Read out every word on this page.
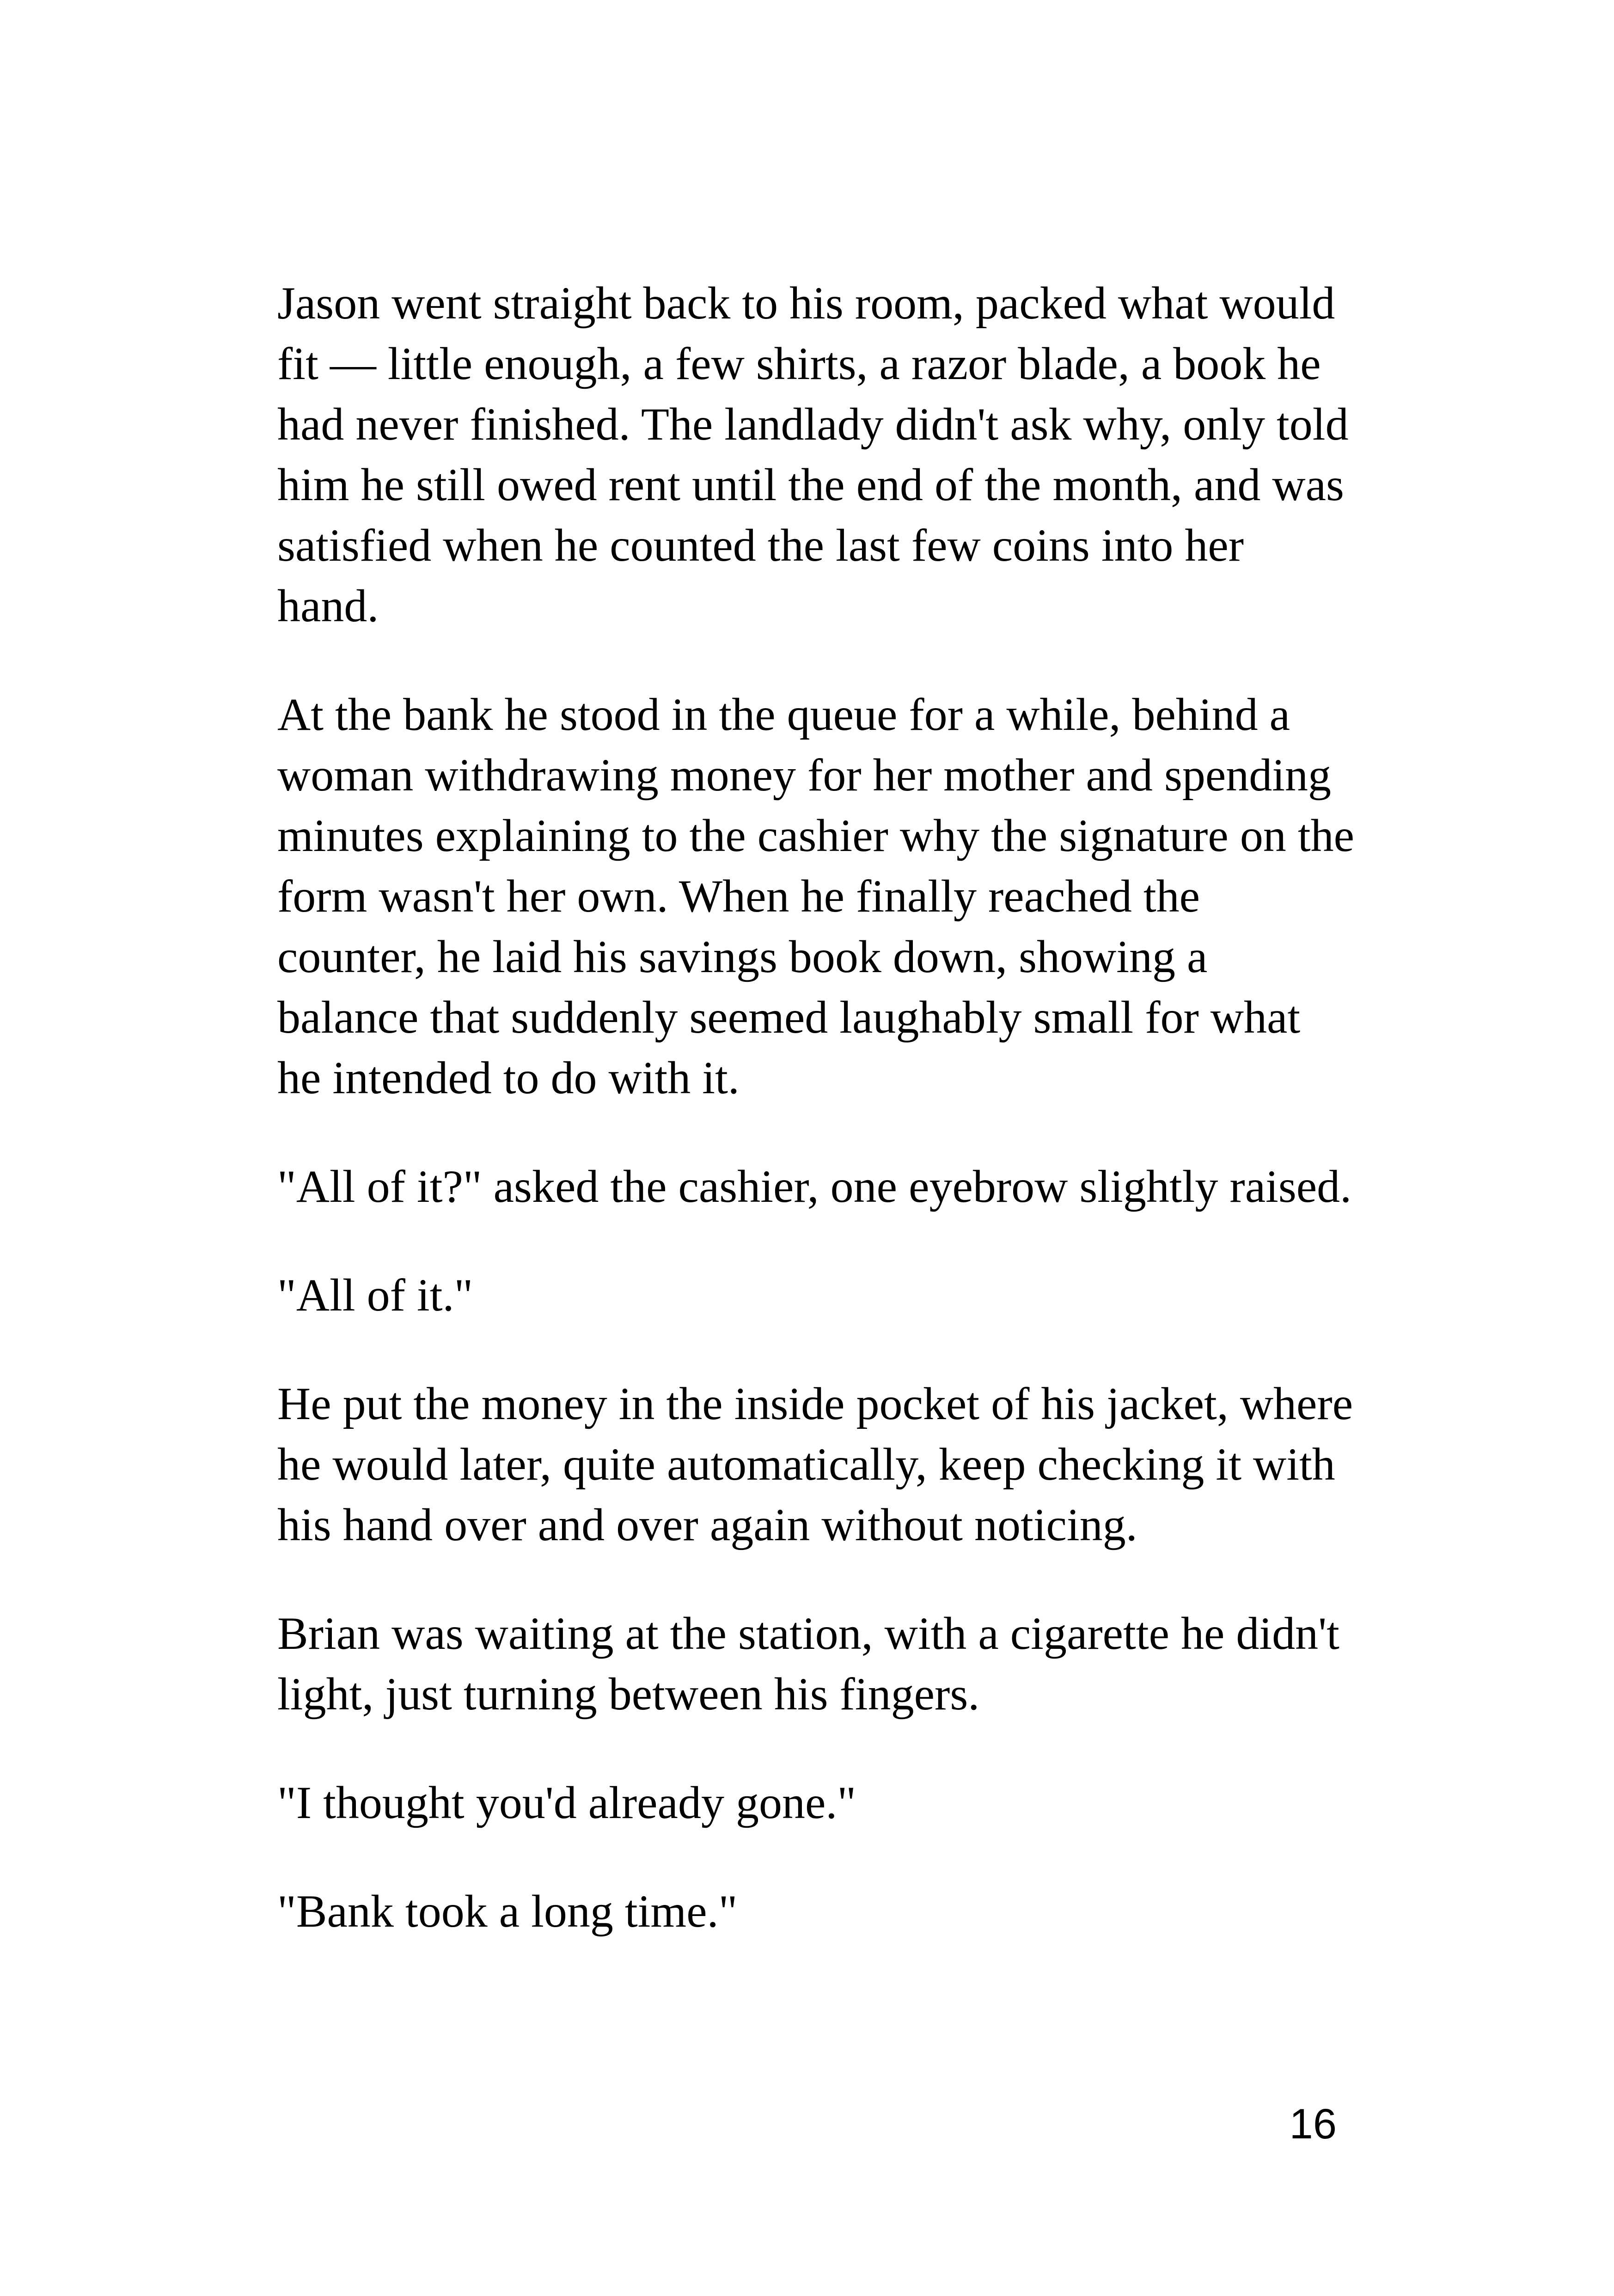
Jason went straight back to his room, packed what would fit — little enough, a few shirts, a razor blade, a book he had never finished. The landlady didn't ask why, only told him he still owed rent until the end of the month, and was satisfied when he counted the last few coins into her hand.

At the bank he stood in the queue for a while, behind a woman withdrawing money for her mother and spending minutes explaining to the cashier why the signature on the form wasn't her own. When he finally reached the counter, he laid his savings book down, showing a balance that suddenly seemed laughably small for what he intended to do with it.

"All of it?" asked the cashier, one eyebrow slightly raised.

"All of it."

He put the money in the inside pocket of his jacket, where he would later, quite automatically, keep checking it with his hand over and over again without noticing.

Brian was waiting at the station, with a cigarette he didn't light, just turning between his fingers.

"I thought you'd already gone."

"Bank took a long time."

16
